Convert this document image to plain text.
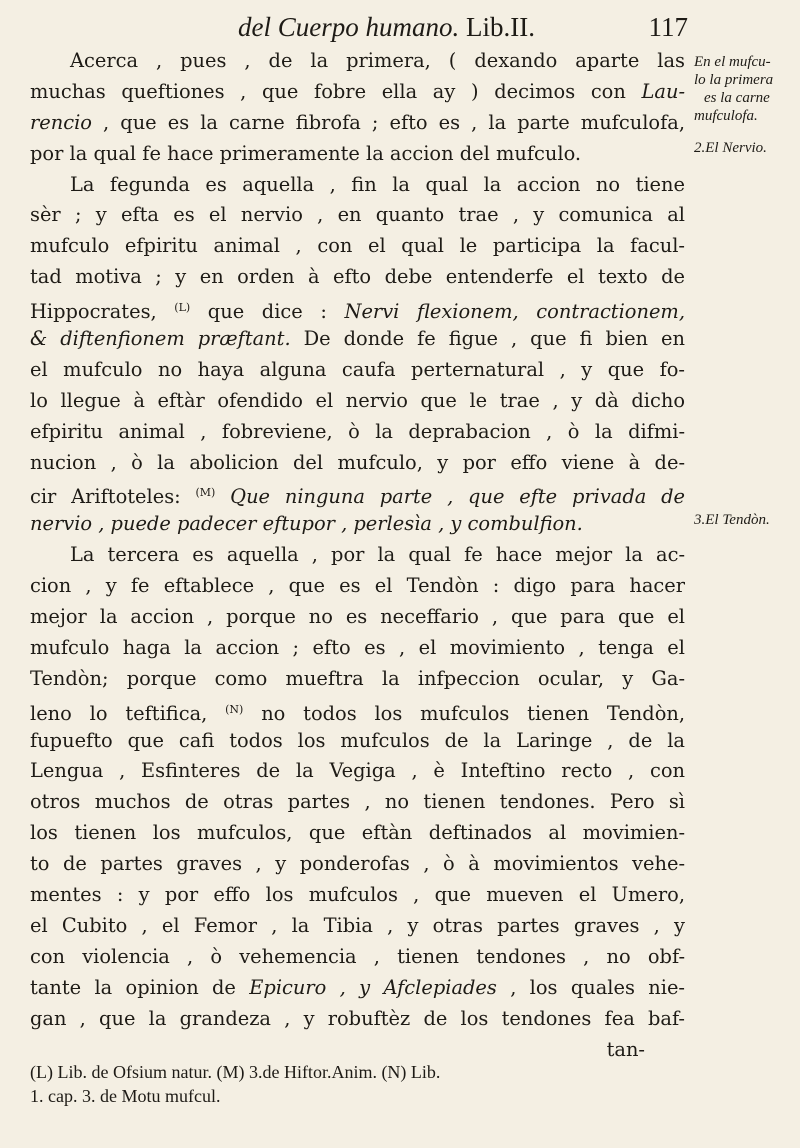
del Cuerpo humano. Lib.II.	117
Acerca , pues , de la primera, ( dexando aparte las
muchas queftiones , que fobre ella ay ) decimos con Lau-
rencio , que es la carne fibrofa ; efto es , la parte mufculofa,
por la qual fe hace primeramente la accion del mufculo.
La fegunda es aquella , fin la qual la accion no tiene
sèr ; y efta es el nervio , en quanto trae , y comunica al
mufculo efpiritu animal , con el qual le participa la facul-
tad motiva ; y en orden à efto debe entenderfe el texto de
Hippocrates, $^{(L)}$ que dice : Nervi flexionem, contractionem,
& diftenfionem præftant. De donde fe figue , que fi bien en
el mufculo no haya alguna caufa perternatural , y que fo-
lo llegue à eftàr ofendido el nervio que le trae , y dà dicho
efpiritu animal , fobreviene, ò la deprabacion , ò la difmi-
nucion , ò la abolicion del mufculo, y por effo viene à de-
cir Ariftoteles: $^{(M)}$ Que ninguna parte , que efte privada de
nervio , puede padecer eftupor , perlesìa , y combulfion.
La tercera es aquella , por la qual fe hace mejor la ac-
cion , y fe eftablece , que es el Tendòn : digo para hacer
mejor la accion , porque no es neceffario , que para que el
mufculo haga la accion ; efto es , el movimiento , tenga el
Tendòn; porque como mueftra la infpeccion ocular, y Ga-
leno lo teftifica, $^{(N)}$ no todos los mufculos tienen Tendòn,
fupuefto que cafi todos los mufculos de la Laringe , de la
Lengua , Esfinteres de la Vegiga , è Inteftino recto , con
otros muchos de otras partes , no tienen tendones. Pero sì
los tienen los mufculos, que eftàn deftinados al movimien-
to de partes graves , y ponderofas , ò à movimientos vehe-
mentes : y por effo los mufculos , que mueven el Umero,
el Cubito , el Femor , la Tibia , y otras partes graves , y
con violencia , ò vehemencia , tienen tendones , no obf-
tante la opinion de Epicuro , y Afclepiades , los quales nie-
gan , que la grandeza , y robuftèz de los tendones fea baf-
tan-
En el mufcu-
lo la primera
es la carne
mufculofa.
2.El Nervio.
3.El Tendòn.
(L) Lib. de Ofsium natur. (M) 3.de Hiftor.Anim. (N) Lib.
1. cap. 3. de Motu mufcul.
